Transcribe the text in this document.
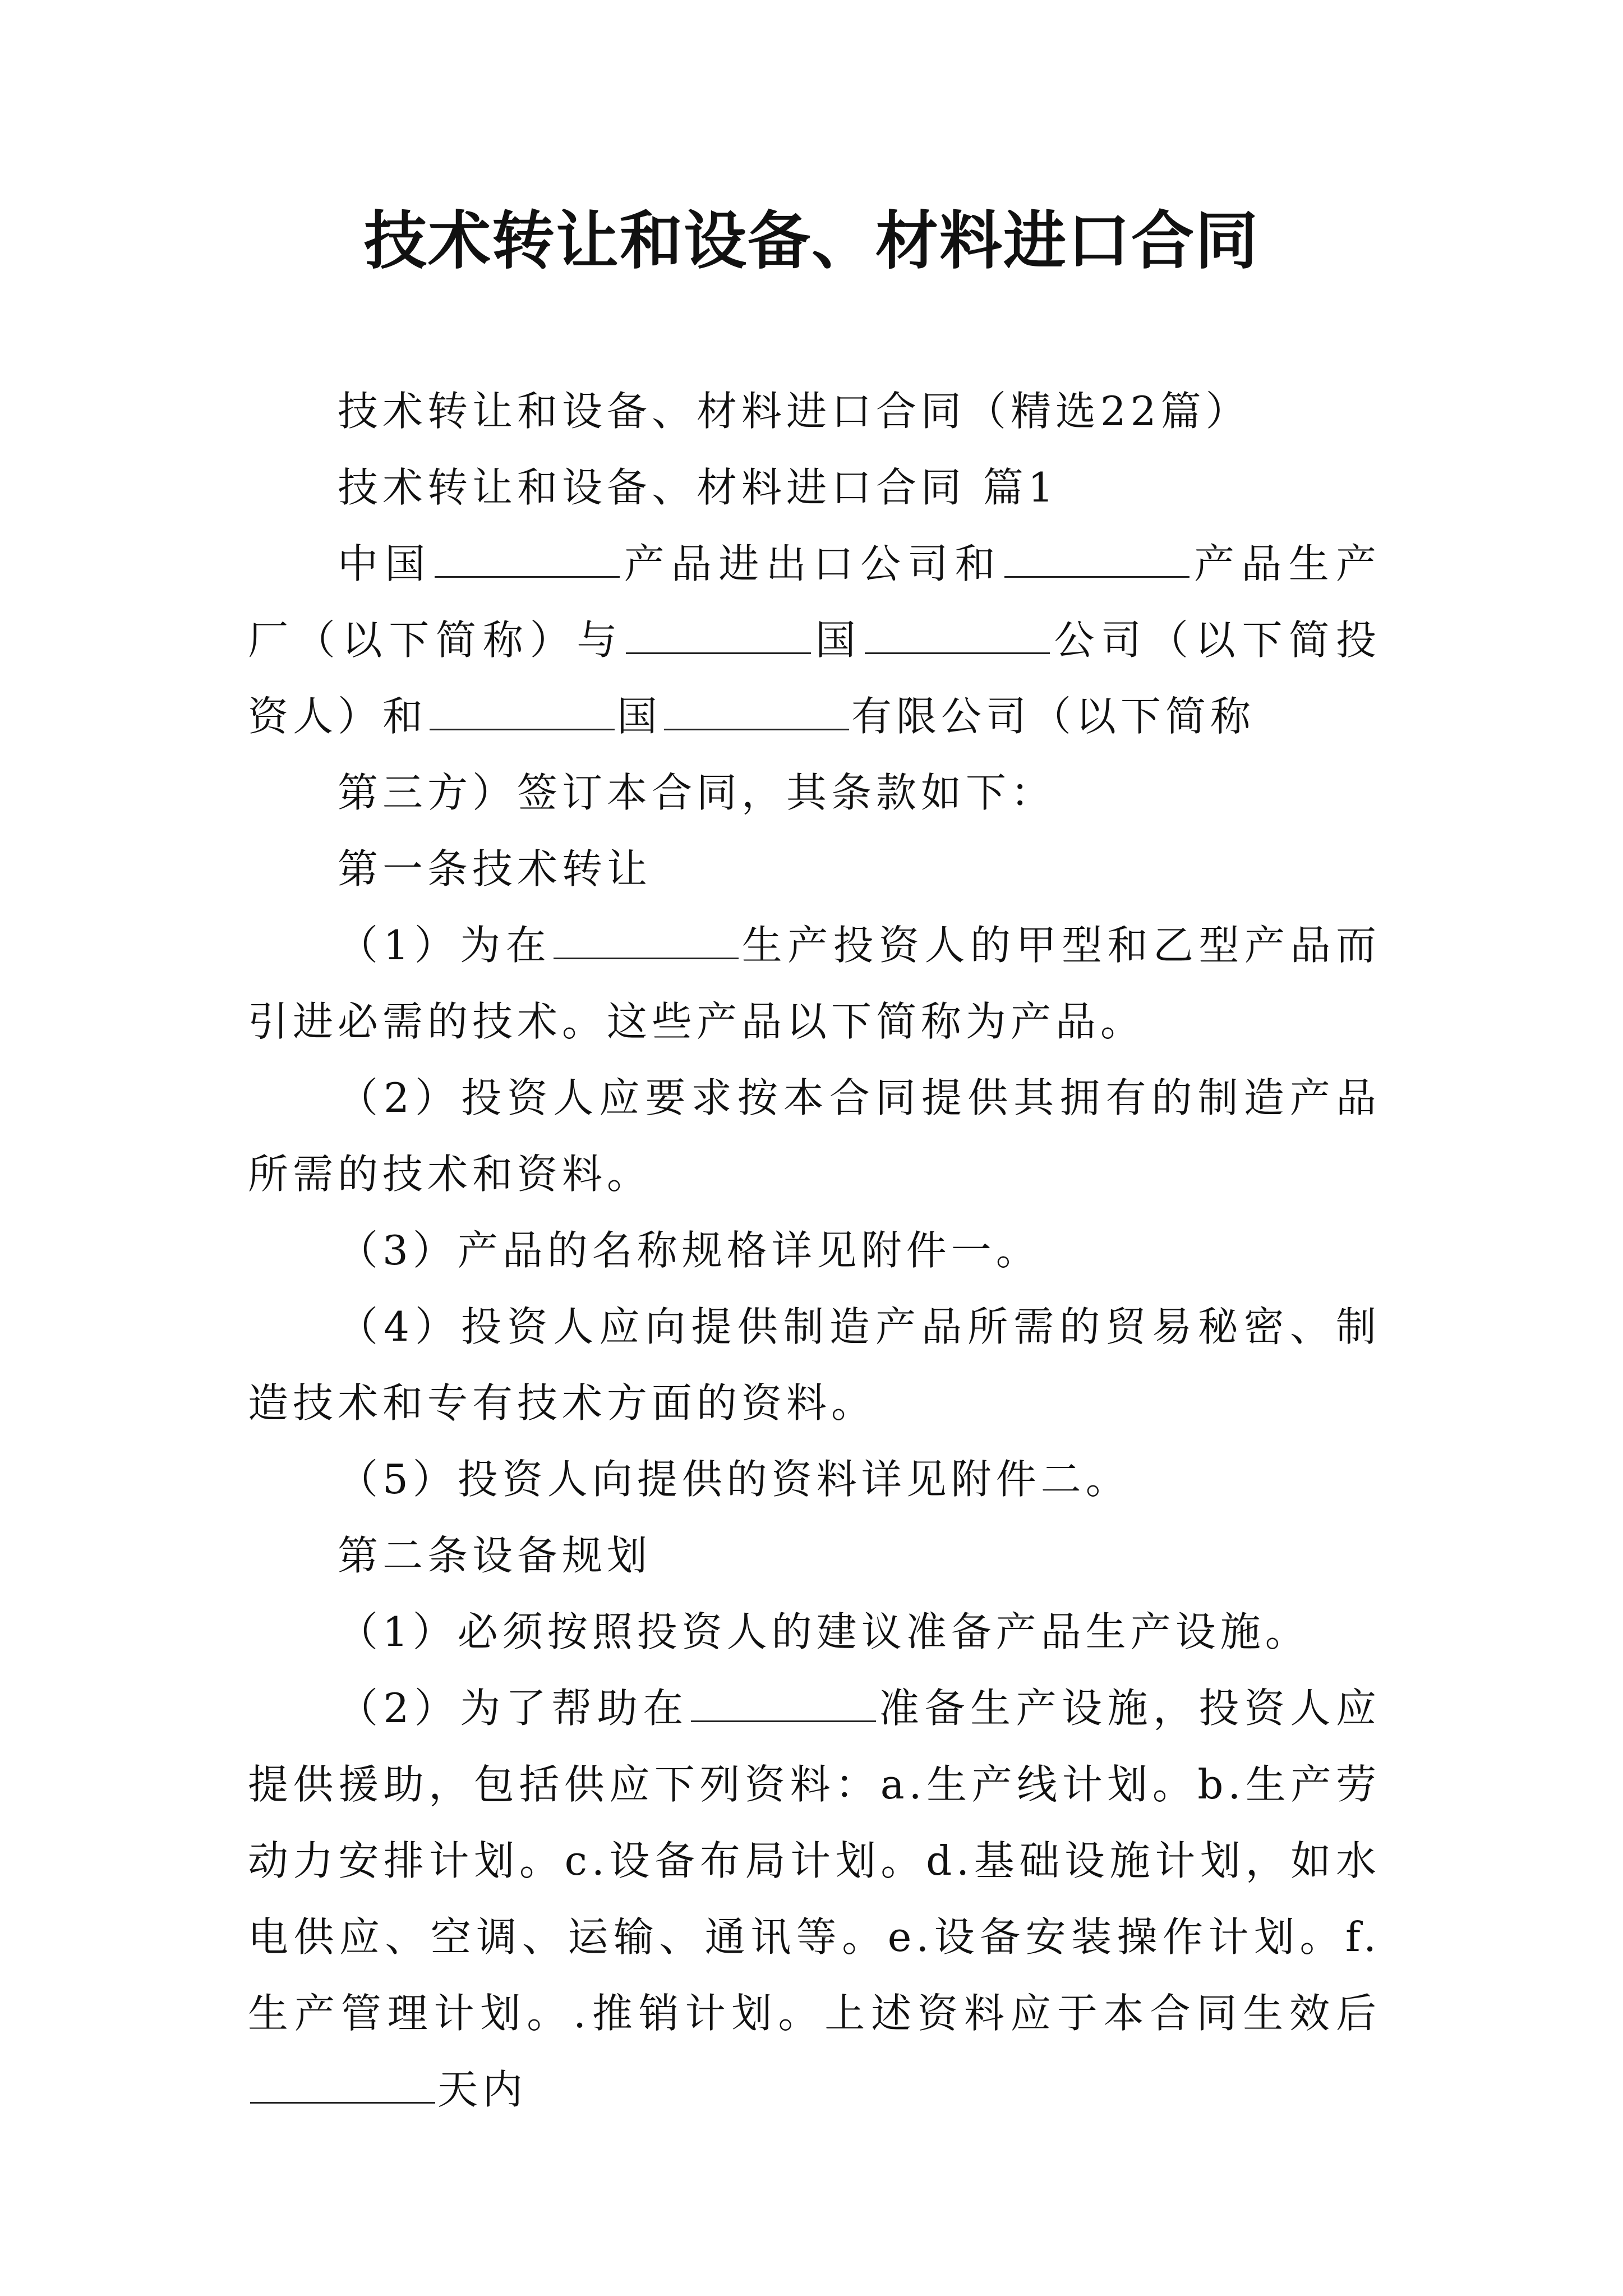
技术转让和设备、材料进口合同

技术转让和设备、材料进口合同（精选22篇）

技术转让和设备、材料进口合同 篇1

中国	产品进出口公司和	产品生产厂（以下简称）与	国	公司（以下简投资人）和	国	有限公司（以下简称

第三方）签订本合同，其条款如下：

第一条技术转让

（1）为在	生产投资人的甲型和乙型产品而引进必需的技术。这些产品以下简称为产品。

（2）投资人应要求按本合同提供其拥有的制造产品所需的技术和资料。

（3）产品的名称规格详见附件一。

（4）投资人应向提供制造产品所需的贸易秘密、制造技术和专有技术方面的资料。

（5）投资人向提供的资料详见附件二。

第二条设备规划

（1）必须按照投资人的建议准备产品生产设施。

（2）为了帮助在	准备生产设施，投资人应提供援助，包括供应下列资料：a.生产线计划。b.生产劳动力安排计划。c.设备布局计划。d.基础设施计划，如水电供应、空调、运输、通讯等。e.设备安装操作计划。f.生产管理计划。.推销计划。上述资料应于本合同生效后天内
